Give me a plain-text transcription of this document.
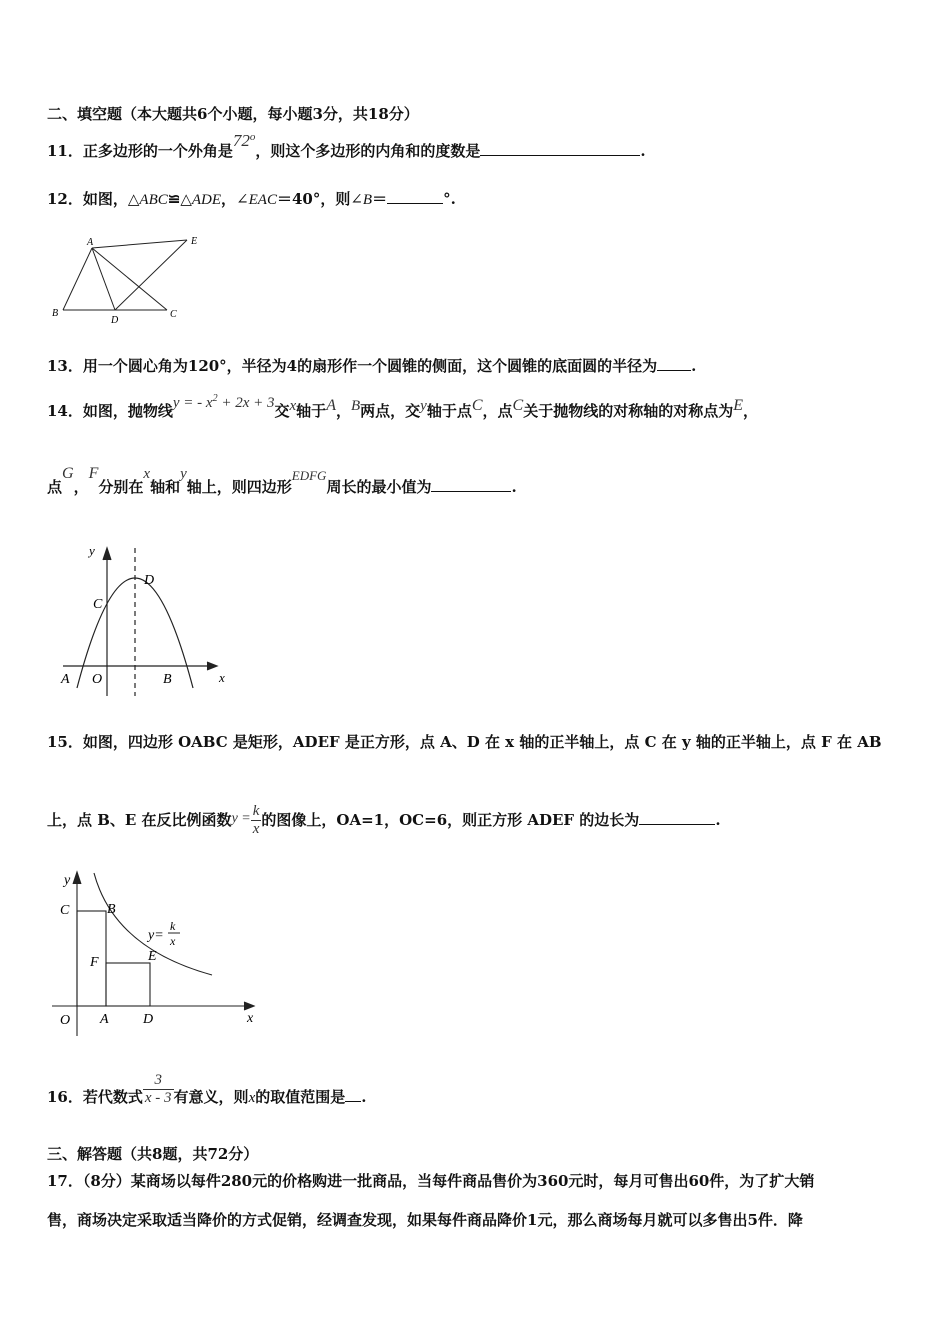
二、填空题（本大题共6个小题，每小题3分，共18分）
11．正多边形的一个外角是72$^o$，则这个多边形的内角和的度数是	.
12．如图，△ABC≌△ADE，∠EAC＝40°，则∠B＝	°.
A	E
B
D
C
13．用一个圆心角为120°，半径为4的扇形作一个圆锥的侧面，这个圆锥的底面圆的半径为 .
14．如图，抛物线y = - $x^2 + 2x + 3$交x轴于A，B两点，交y轴于点C，点C关于抛物线的对称轴的对称点为E，
点G，F分别在x轴和y轴上，则四边形EDFG周长的最小值为	.
y
x
A O	B
C
D
15．如图，四边形 OABC 是矩形，ADEF 是正方形，点 A、D 在 x 轴的正半轴上，点 C 在 y 轴的正半轴上，点 F 在 AB
上，点 B、E 在反比例函数$y = \frac{k}{x}$ 的图像上，OA=1，OC=6，则正方形 ADEF 的边长为	.
y
x
O A D
C	B
F	E
y=
k
x
16．若代数式 $\frac{3}{x - 3}$ 有意义，则x的取值范围是 .
三、解答题（共8题，共72分）
17．（8分）某商场以每件280元的价格购进一批商品，当每件商品售价为360元时，每月可售出60件，为了扩大销
售，商场决定采取适当降价的方式促销，经调查发现，如果每件商品降价1元，那么商场每月就可以多售出5件．降
